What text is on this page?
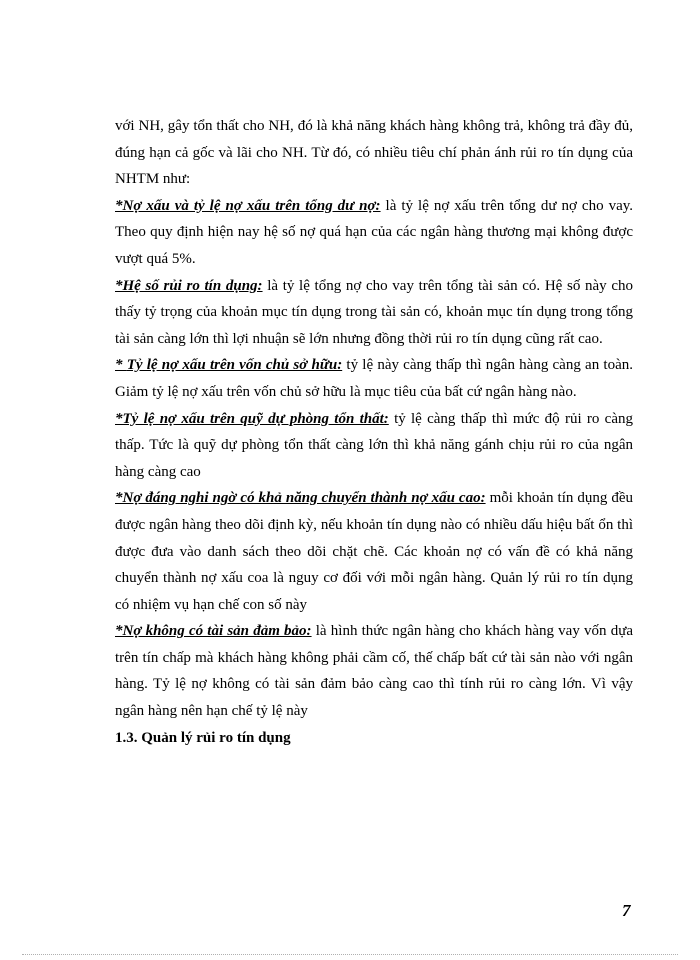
với NH, gây tổn thất cho NH, đó là khả năng khách hàng không trả, không trả đầy đủ, đúng hạn cả gốc và lãi cho NH. Từ đó, có nhiều tiêu chí phản ánh rủi ro tín dụng của NHTM như:

*Nợ xấu và tỷ lệ nợ xấu trên tổng dư nợ: là tỷ lệ nợ xấu trên tổng dư nợ cho vay. Theo quy định hiện nay hệ số nợ quá hạn của các ngân hàng thương mại không được vượt quá 5%.

*Hệ số rủi ro tín dụng: là tỷ lệ tổng nợ cho vay trên tổng tài sản có. Hệ số này cho thấy tỷ trọng của khoản mục tín dụng trong tài sản có, khoản mục tín dụng trong tổng tài sản càng lớn thì lợi nhuận sẽ lớn nhưng đồng thời rủi ro tín dụng cũng rất cao.

* Tỷ lệ nợ xấu trên vốn chủ sở hữu: tỷ lệ này càng thấp thì ngân hàng càng an toàn. Giảm tỷ lệ nợ xấu trên vốn chủ sở hữu là mục tiêu của bất cứ ngân hàng nào.

*Tỷ lệ nợ xấu trên quỹ dự phòng tổn thất: tỷ lệ càng thấp thì mức độ rủi ro càng thấp. Tức là quỹ dự phòng tổn thất càng lớn thì khả năng gánh chịu rủi ro của ngân hàng càng cao

*Nợ đáng nghi ngờ có khả năng chuyển thành nợ xấu cao: mỗi khoản tín dụng đều được ngân hàng theo dõi định kỳ, nếu khoản tín dụng nào có nhiều dấu hiệu bất ổn thì được đưa vào danh sách theo dõi chặt chẽ. Các khoản nợ có vấn đề có khả năng chuyển thành nợ xấu coa là nguy cơ đối với mỗi ngân hàng. Quản lý rủi ro tín dụng có nhiệm vụ hạn chế con số này

*Nợ không có tài sản đảm bảo: là hình thức ngân hàng cho khách hàng vay vốn dựa trên tín chấp mà khách hàng không phải cầm cố, thế chấp bất cứ tài sản nào với ngân hàng. Tỷ lệ nợ không có tài sản đảm bảo càng cao thì tính rủi ro càng lớn. Vì vậy ngân hàng nên hạn chế tỷ lệ này

1.3. Quản lý rủi ro tín dụng

7
